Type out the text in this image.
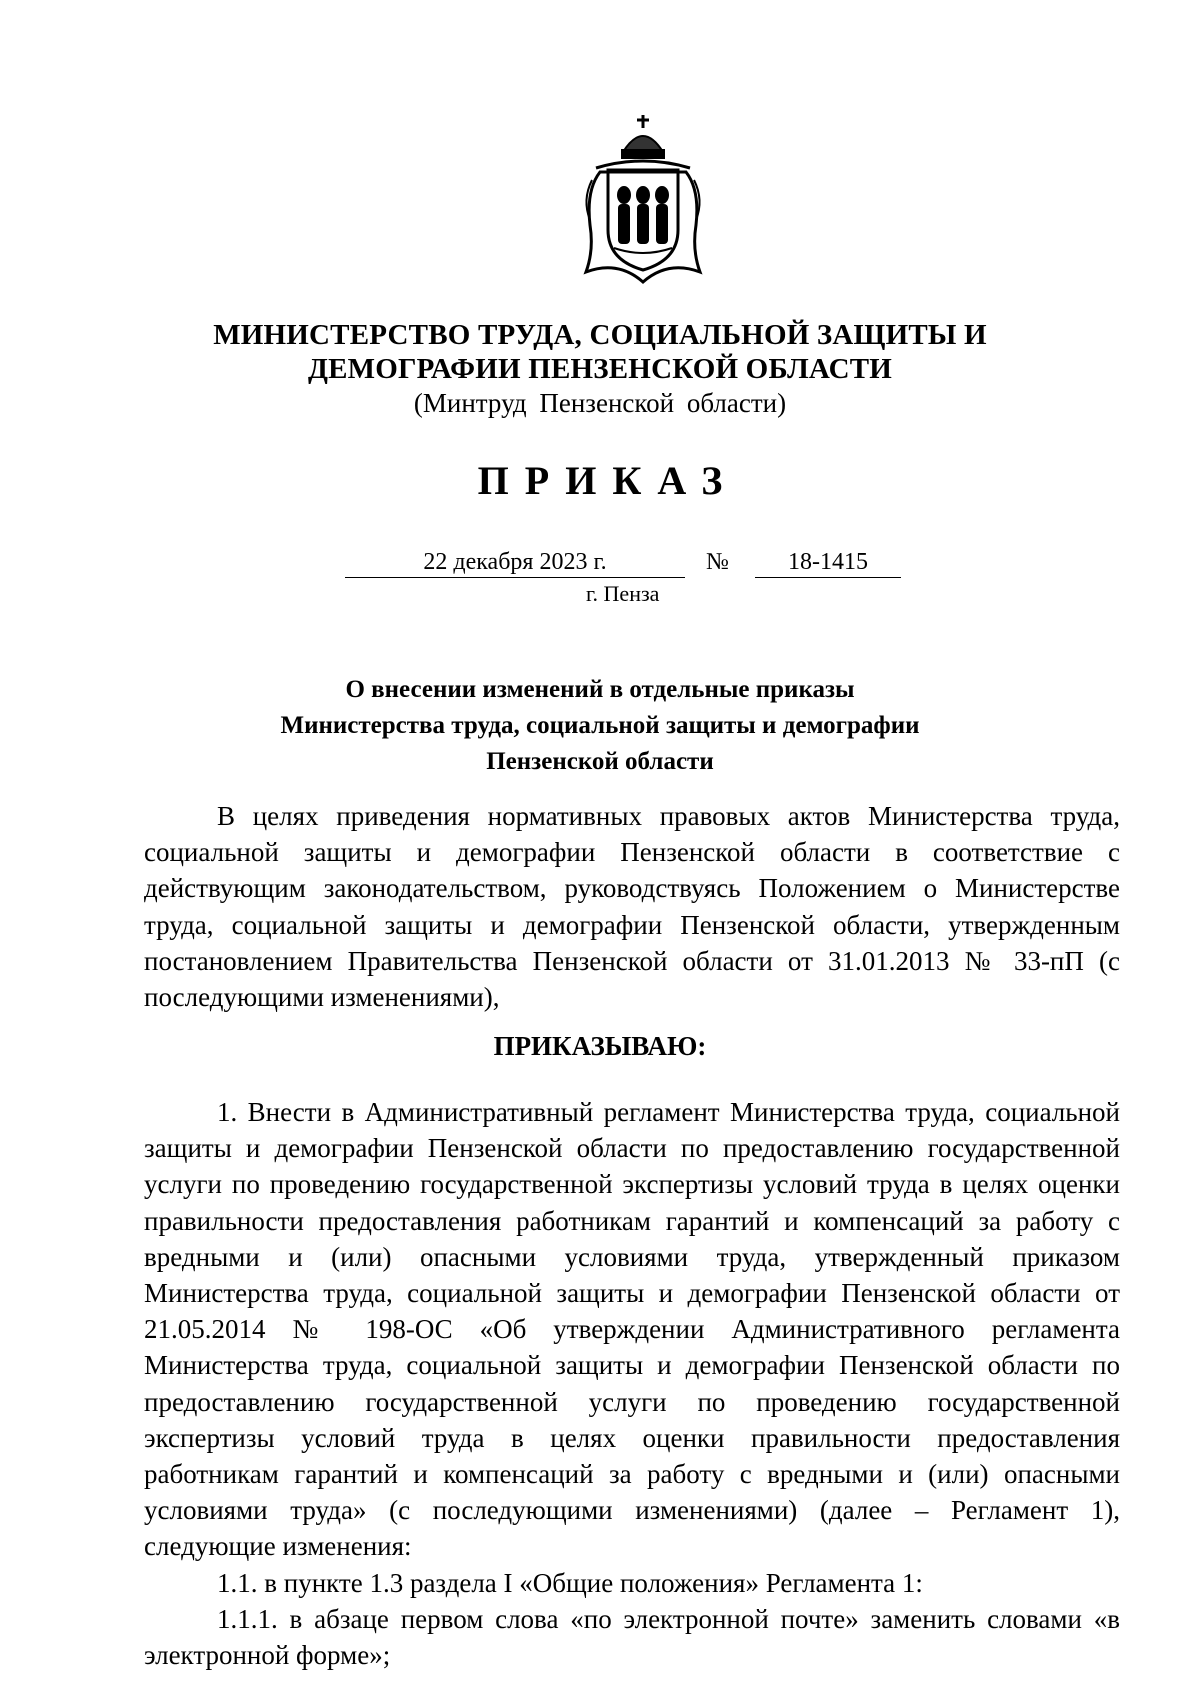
МИНИСТЕРСТВО ТРУДА, СОЦИАЛЬНОЙ ЗАЩИТЫ И
ДЕМОГРАФИИ ПЕНЗЕНСКОЙ ОБЛАСТИ
(Минтруд Пензенской области)
ПРИКАЗ
22 декабря 2023 г.	№	18-1415
г. Пенза
О внесении изменений в отдельные приказы
Министерства труда, социальной защиты и демографии
Пензенской области

В целях приведения нормативных правовых актов Министерства труда, социальной защиты и демографии Пензенской области в соответствие с действующим законодательством, руководствуясь Положением о Министерстве труда, социальной защиты и демографии Пензенской области, утвержденным постановлением Правительства Пензенской области от 31.01.2013 № 33-пП (с последующими изменениями),

ПРИКАЗЫВАЮ:

1. Внести в Административный регламент Министерства труда, социальной защиты и демографии Пензенской области по предоставлению государственной услуги по проведению государственной экспертизы условий труда в целях оценки правильности предоставления работникам гарантий и компенсаций за работу с вредными и (или) опасными условиями труда, утвержденный приказом Министерства труда, социальной защиты и демографии Пензенской области от 21.05.2014 № 198-ОС «Об утверждении Административного регламента Министерства труда, социальной защиты и демографии Пензенской области по предоставлению государственной услуги по проведению государственной экспертизы условий труда в целях оценки правильности предоставления работникам гарантий и компенсаций за работу с вредными и (или) опасными условиями труда» (с последующими изменениями) (далее – Регламент 1), следующие изменения:

1.1. в пункте 1.3 раздела I «Общие положения» Регламента 1:

1.1.1. в абзаце первом слова «по электронной почте» заменить словами «в электронной форме»;
